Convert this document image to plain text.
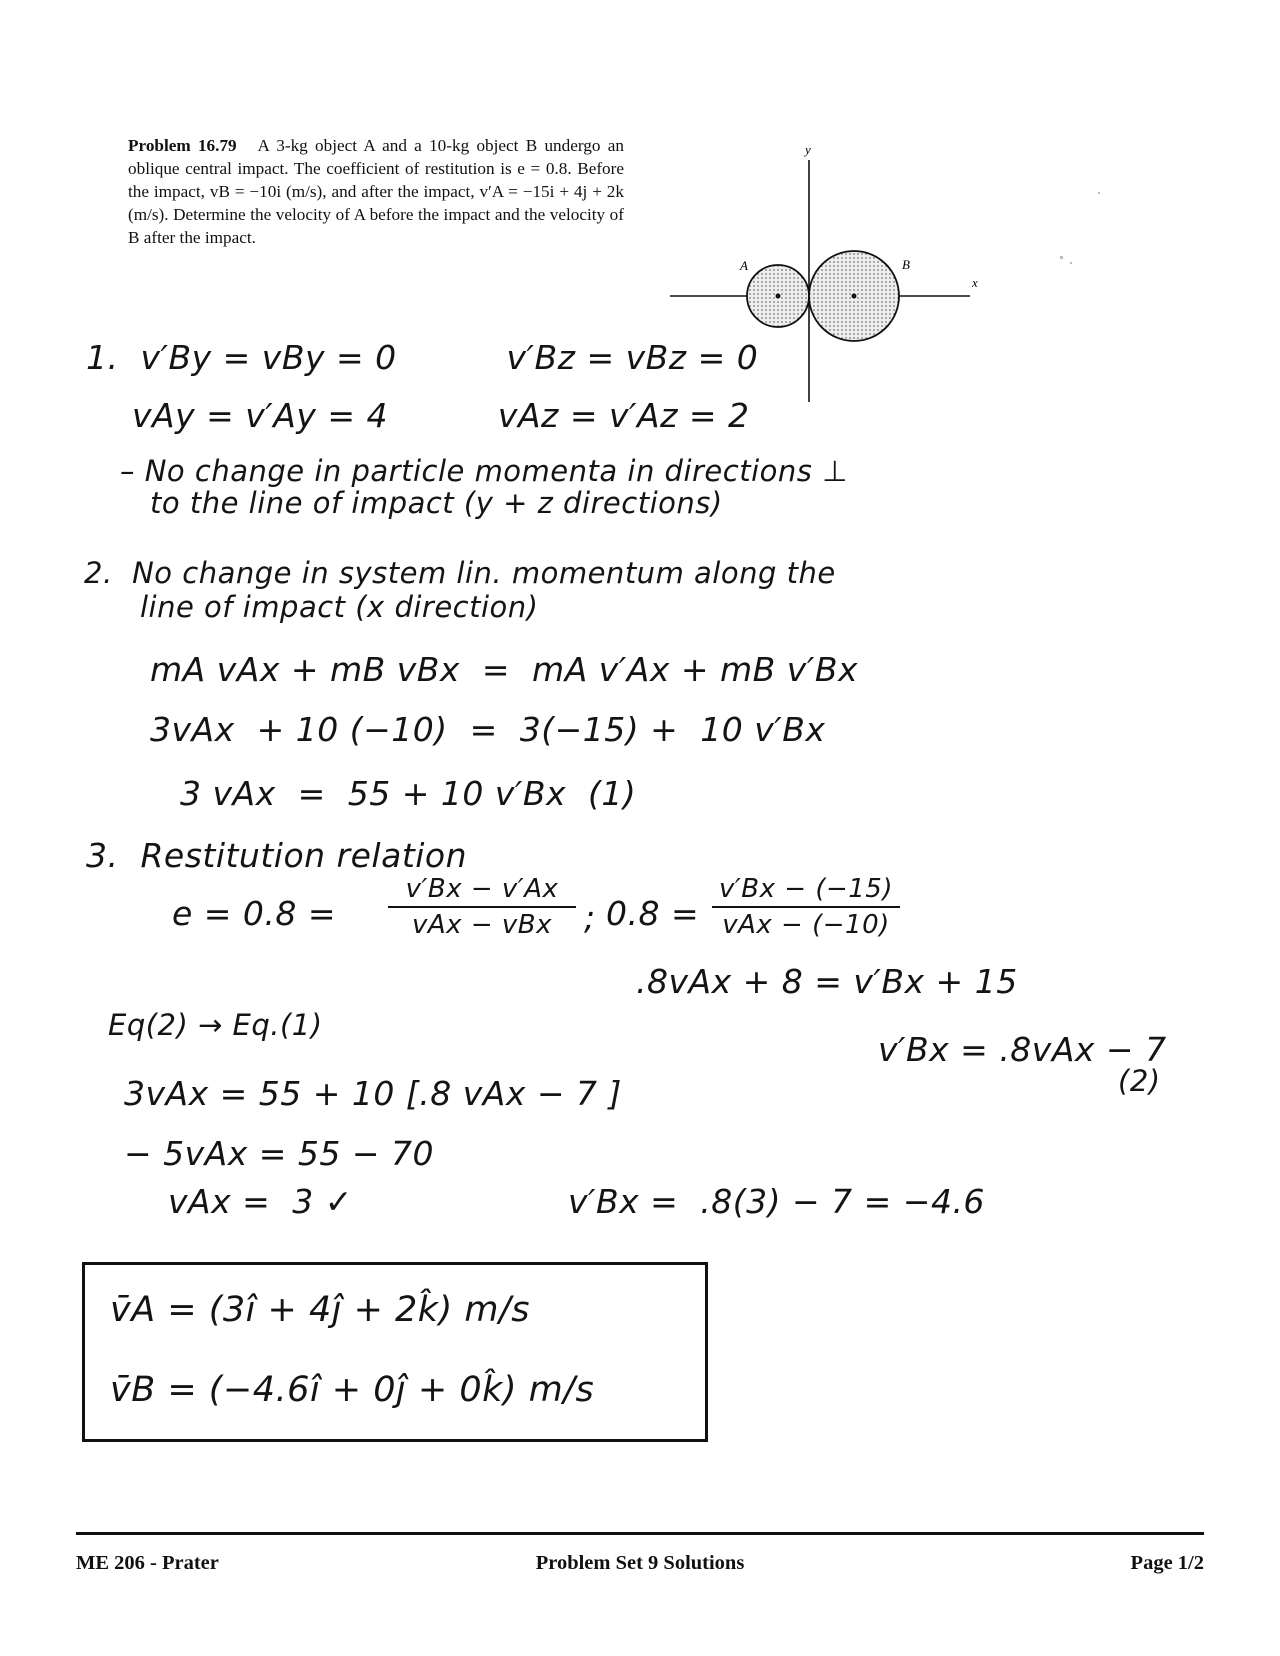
Problem 16.79 A 3-kg object A and a 10-kg object B undergo an oblique central impact. The coefficient of restitution is e = 0.8. Before the impact, vB = −10i (m/s), and after the impact, v′A = −15i + 4j + 2k (m/s). Determine the velocity of A before the impact and the velocity of B after the impact.
y
x
A	B
1.  v′By = vBy = 0          v′Bz = vBz = 0
vAy = v′Ay = 4          vAz = v′Az = 2
– No change in particle momenta in directions ⊥
to the line of impact (y + z directions)
2.  No change in system lin. momentum along the
line of impact (x direction)
mA vAx + mB vBx  =  mA v′Ax + mB v′Bx
3vAx  + 10 (−10)  =  3(−15) +  10 v′Bx
3 vAx  =  55 + 10 v′Bx  (1)
3.  Restitution relation
e = 0.8 =
v′Bx − v′Ax
vAx − vBx ; 0.8 =
v′Bx − (−15)
vAx − (−10)
.8vAx + 8 = v′Bx + 15
Eq(2) → Eq.(1)
v′Bx = .8vAx − 7
(2)
3vAx = 55 + 10 [.8 vAx − 7 ]
− 5vAx = 55 − 70
vAx =  3 ✓	v′Bx =  .8(3) − 7 = −4.6
v̄A = (3î + 4ĵ + 2k̂) m/s
v̄B = (−4.6î + 0ĵ + 0k̂) m/s
ME 206 - Prater	Problem Set 9 Solutions	Page 1/2
